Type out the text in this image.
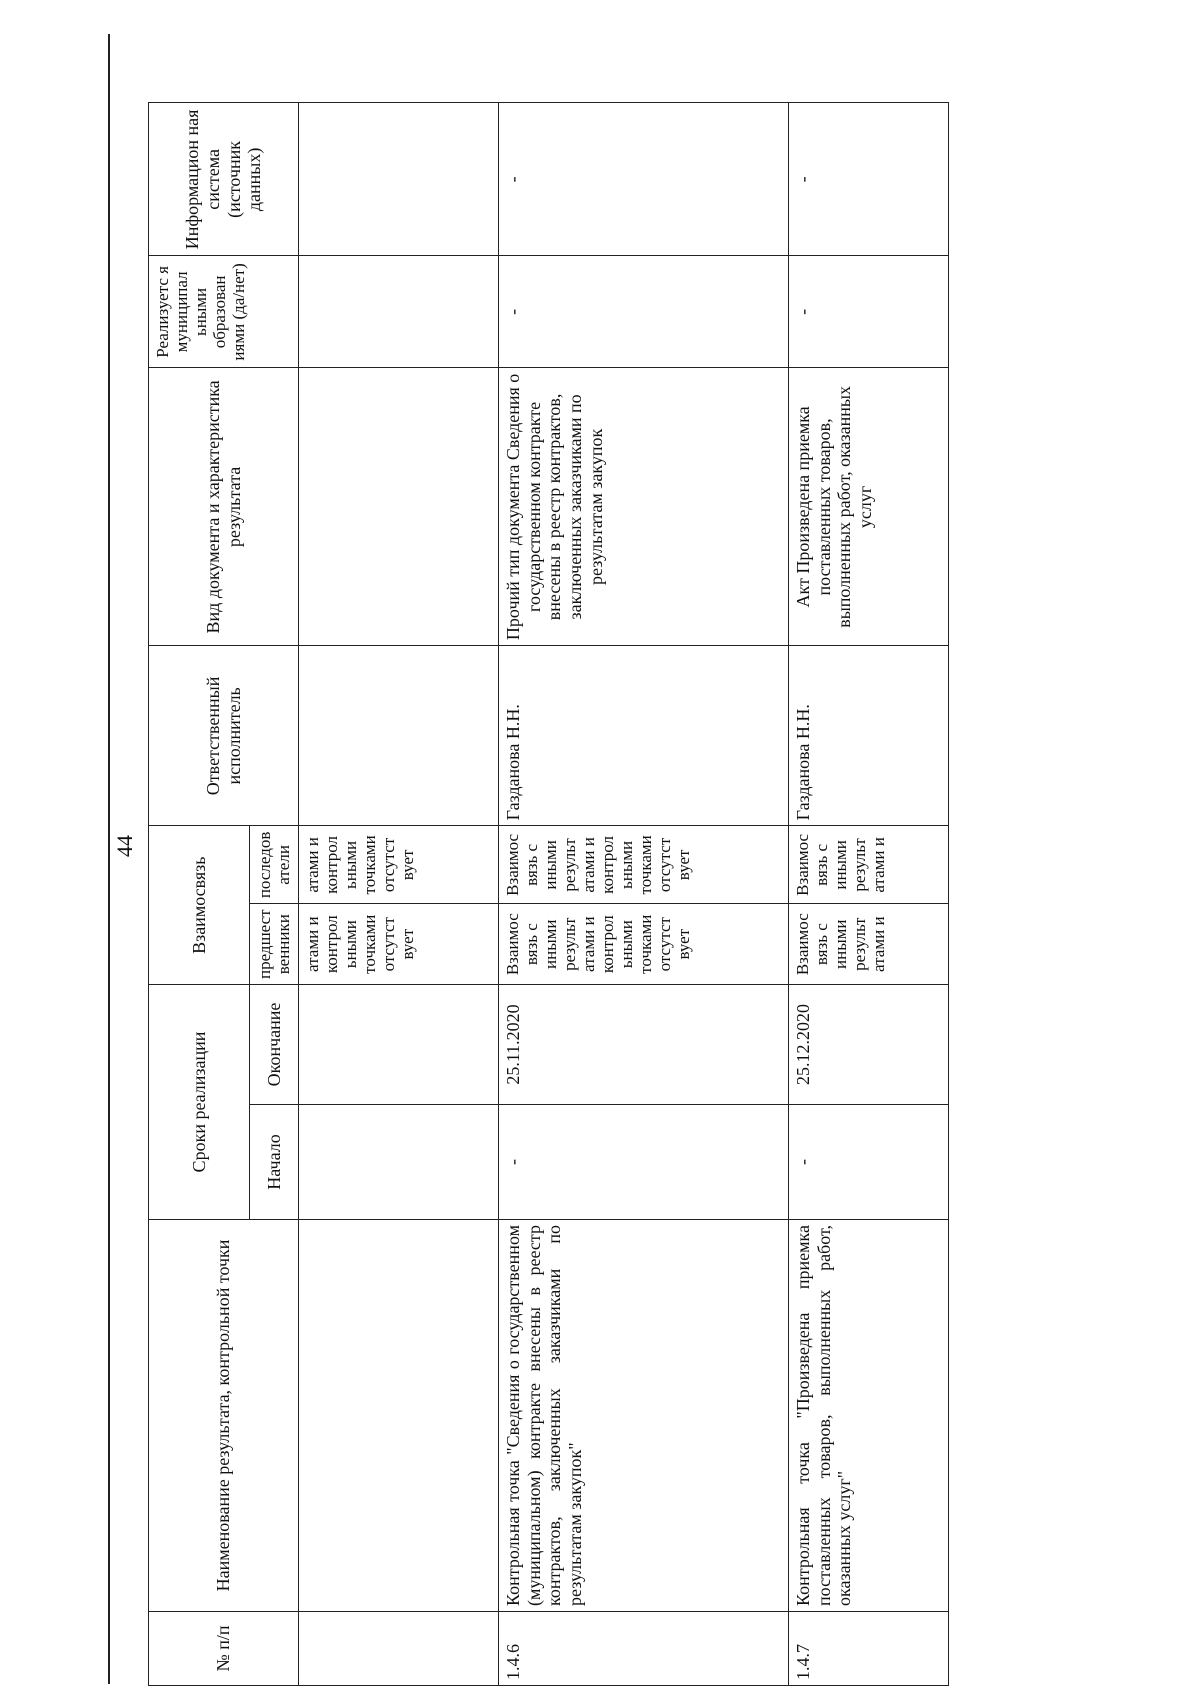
44
№ п/п	Наименование результата, контрольной точки	Сроки реализации		Взаимосвязь		Ответственный исполнитель	Вид документа и характеристика результата	Реализуетс я муниципал ьными образован иями (да/нет)	Информацион ная система (источник данных)
		Начало	Окончание	предшест венники	последов атели				
				атами и контрол ьными точками отсутст вует	атами и контрол ьными точками отсутст вует				
1.4.6	Контрольная точка "Сведения о государственном (муниципальном) контракте внесены в реестр контрактов, заключенных заказчиками по результатам закупок"	-	25.11.2020	Взаимос вязь с иными результ атами и контрол ьными точками отсутст вует	Взаимос вязь с иными результ атами и контрол ьными точками отсутст вует	Газданова Н.Н.	Прочий тип документа Сведения о государственном контракте внесены в реестр контрактов, заключенных заказчиками по результатам закупок	-	-
1.4.7	Контрольная точка "Произведена приемка поставленных товаров, выполненных работ, оказанных услуг"	-	25.12.2020	Взаимос вязь с иными результ атами и	Взаимос вязь с иными результ атами и	Газданова Н.Н.	Акт Произведена приемка поставленных товаров, выполненных работ, оказанных услуг	-	-
